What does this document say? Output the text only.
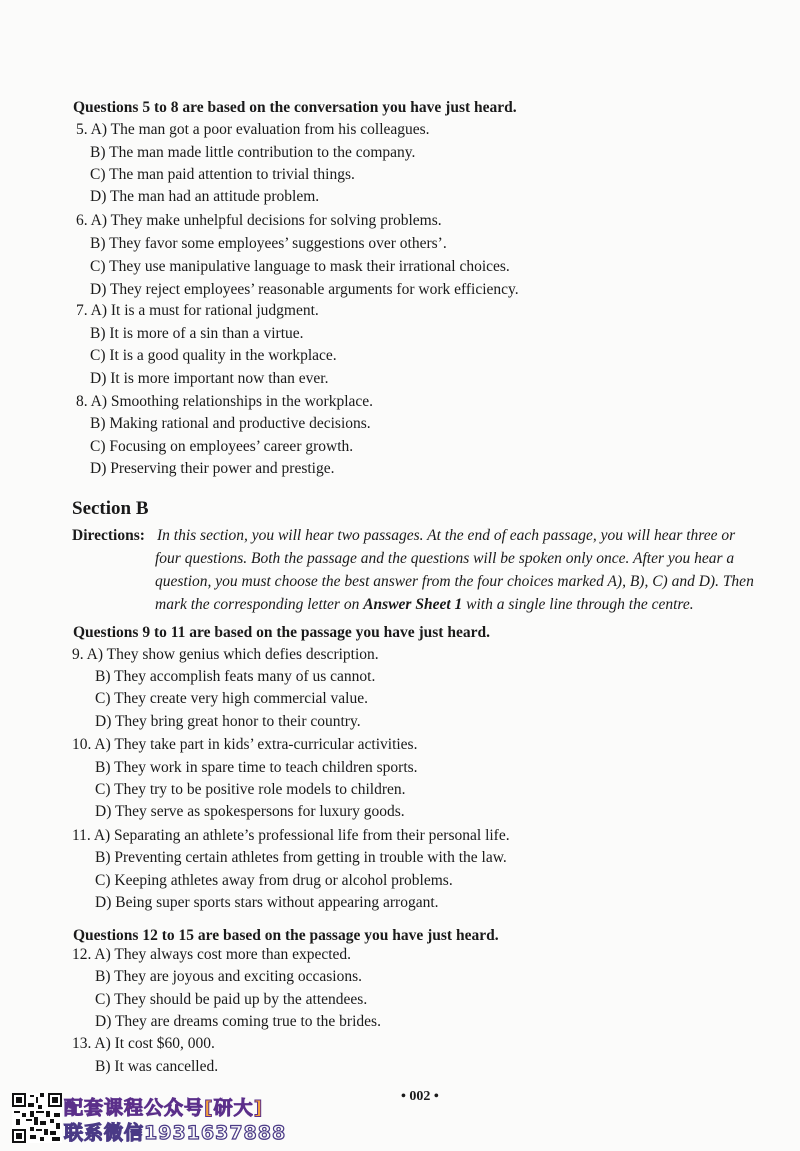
Questions 5 to 8 are based on the conversation you have just heard.
5. A) The man got a poor evaluation from his colleagues.
B) The man made little contribution to the company.
C) The man paid attention to trivial things.
D) The man had an attitude problem.
6. A) They make unhelpful decisions for solving problems.
B) They favor some employees’ suggestions over others’.
C) They use manipulative language to mask their irrational choices.
D) They reject employees’ reasonable arguments for work efficiency.
7. A) It is a must for rational judgment.
B) It is more of a sin than a virtue.
C) It is a good quality in the workplace.
D) It is more important now than ever.
8. A) Smoothing relationships in the workplace.
B) Making rational and productive decisions.
C) Focusing on employees’ career growth.
D) Preserving their power and prestige.
Section B
Directions: In this section, you will hear two passages. At the end of each passage, you will hear three or
four questions. Both the passage and the questions will be spoken only once. After you hear a
question, you must choose the best answer from the four choices marked A), B), C) and D). Then
mark the corresponding letter on Answer Sheet 1 with a single line through the centre.
Questions 9 to 11 are based on the passage you have just heard.
9. A) They show genius which defies description.
B) They accomplish feats many of us cannot.
C) They create very high commercial value.
D) They bring great honor to their country.
10. A) They take part in kids’ extra-curricular activities.
B) They work in spare time to teach children sports.
C) They try to be positive role models to children.
D) They serve as spokespersons for luxury goods.
11. A) Separating an athlete’s professional life from their personal life.
B) Preventing certain athletes from getting in trouble with the law.
C) Keeping athletes away from drug or alcohol problems.
D) Being super sports stars without appearing arrogant.
Questions 12 to 15 are based on the passage you have just heard.
12. A) They always cost more than expected.
B) They are joyous and exciting occasions.
C) They should be paid up by the attendees.
D) They are dreams coming true to the brides.
13. A) It cost $60, 000.
B) It was cancelled.
• 002 •
配套课程公众号[研大]
联系微信1931637888
